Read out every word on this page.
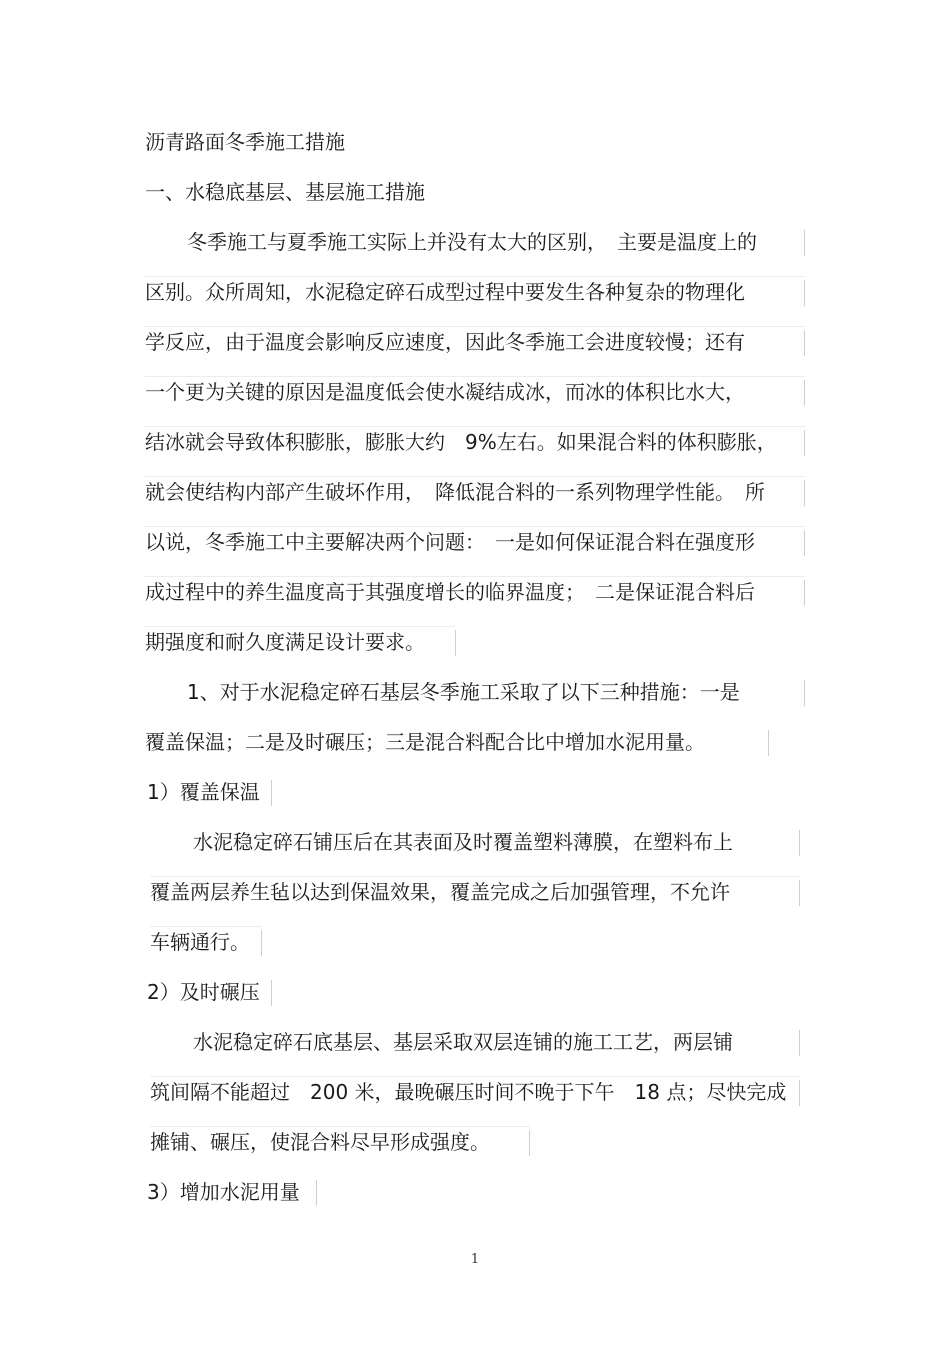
沥青路面冬季施工措施
一、水稳底基层、基层施工措施
冬季施工与夏季施工实际上并没有太大的区别，　主要是温度上的
区别。众所周知，水泥稳定碎石成型过程中要发生各种复杂的物理化
学反应，由于温度会影响反应速度，因此冬季施工会进度较慢；还有
一个更为关键的原因是温度低会使水凝结成冰，而冰的体积比水大，
结冰就会导致体积膨胀，膨胀大约　9%左右。如果混合料的体积膨胀，
就会使结构内部产生破坏作用，　降低混合料的一系列物理学性能。　所
以说，冬季施工中主要解决两个问题：　一是如何保证混合料在强度形
成过程中的养生温度高于其强度增长的临界温度；　二是保证混合料后
期强度和耐久度满足设计要求。
1、对于水泥稳定碎石基层冬季施工采取了以下三种措施：一是
覆盖保温；二是及时碾压；三是混合料配合比中增加水泥用量。
1）覆盖保温
水泥稳定碎石铺压后在其表面及时覆盖塑料薄膜，在塑料布上
覆盖两层养生毡以达到保温效果，覆盖完成之后加强管理，不允许
车辆通行。
2）及时碾压
水泥稳定碎石底基层、基层采取双层连铺的施工工艺，两层铺
筑间隔不能超过　200 米，最晚碾压时间不晚于下午　18 点；尽快完成
摊铺、碾压，使混合料尽早形成强度。
3）增加水泥用量
1
